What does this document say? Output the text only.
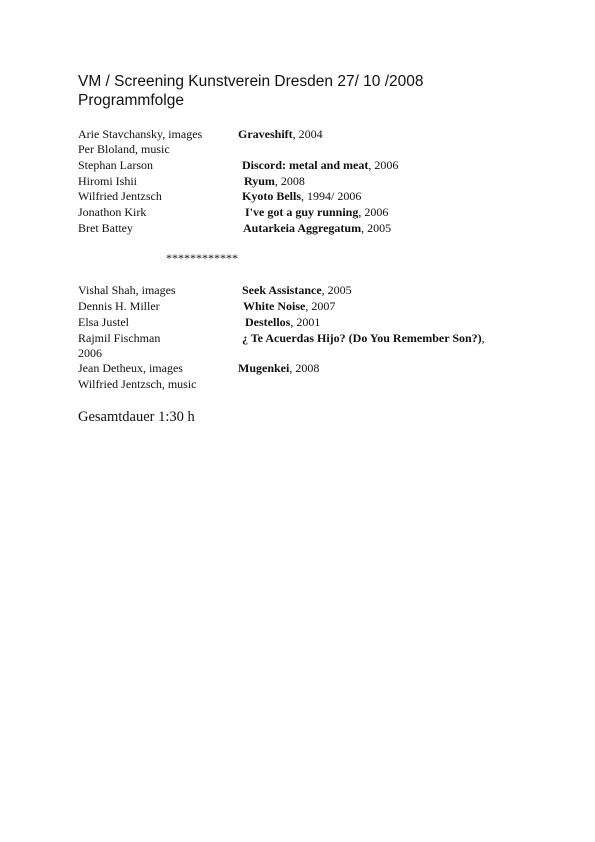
VM / Screening Kunstverein Dresden 27/ 10 /2008
Programmfolge
Arie Stavchansky, images	Graveshift, 2004
Per Bloland, music
Stephan Larson	Discord: metal and meat, 2006
Hiromi Ishii	Ryum, 2008
Wilfried Jentzsch	Kyoto Bells, 1994/ 2006
Jonathon Kirk	I've got a guy running, 2006
Bret Battey	Autarkeia Aggregatum, 2005
************
Vishal Shah, images	Seek Assistance, 2005
Dennis H. Miller	White Noise, 2007
Elsa Justel	Destellos, 2001
Rajmil Fischman	¿ Te Acuerdas Hijo? (Do You Remember Son?),
2006
Jean Detheux, images	Mugenkei, 2008
Wilfried Jentzsch, music
Gesamtdauer 1:30 h
